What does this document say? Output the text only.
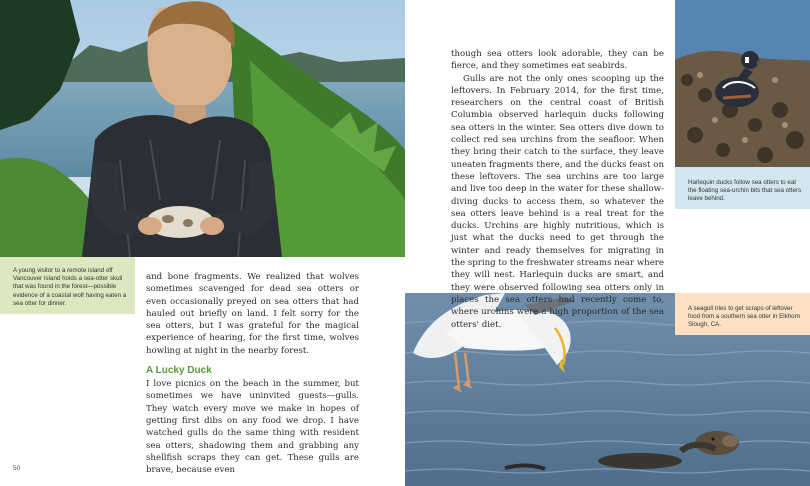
A young visitor to a remote island off Vancouver Island holds a sea-otter skull that was found in the forest—possible evidence of a coastal wolf having eaten a sea otter for dinner.
Harlequin ducks follow sea otters to eat the floating sea-urchin bits that sea otters leave behind.
A seagull tries to get scraps of leftover food from a southern sea otter in Elkhorn Slough, CA.

and bone fragments. We realized that wolves sometimes scavenged for dead sea otters or even occasionally preyed on sea otters that had hauled out briefly on land. I felt sorry for the sea otters, but I was grateful for the magical experience of hearing, for the first time, wolves howling at night in the nearby forest.

A Lucky Duck

I love picnics on the beach in the summer, but sometimes we have uninvited guests—gulls. They watch every move we make in hopes of getting first dibs on any food we drop. I have watched gulls do the same thing with resident sea otters, shadowing them and grabbing any shellfish scraps they can get. These gulls are brave, because even

though sea otters look adorable, they can be fierce, and they sometimes eat seabirds.

Gulls are not the only ones scooping up the leftovers. In February 2014, for the first time, researchers on the central coast of British Columbia observed harlequin ducks following sea otters in the winter. Sea otters dive down to collect red sea urchins from the seafloor. When they bring their catch to the surface, they leave uneaten fragments there, and the ducks feast on these leftovers. The sea urchins are too large and live too deep in the water for these shallow-diving ducks to access them, so whatever the sea otters leave behind is a real treat for the ducks. Urchins are highly nutritious, which is just what the ducks need to get through the winter and ready themselves for migrating in the spring to the freshwater streams near where they will nest. Harlequin ducks are smart, and they were observed following sea otters only in places the sea otters had recently come to, where urchins were a high proportion of the sea otters' diet.

50
